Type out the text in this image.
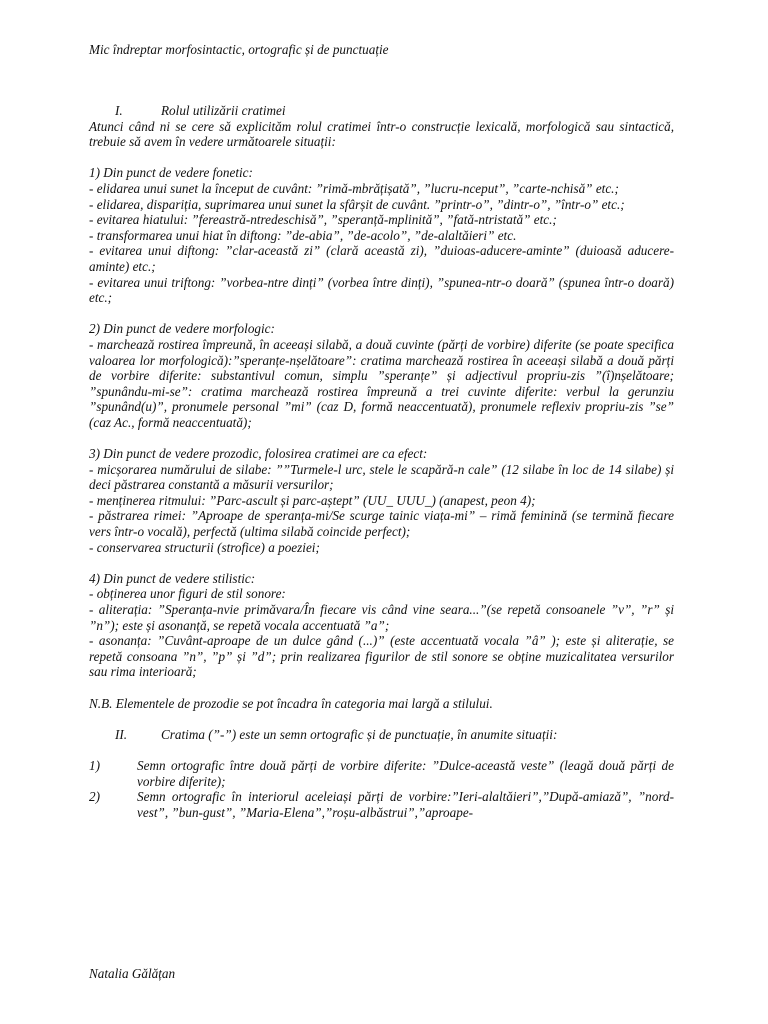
Mic îndreptar morfosintactic, ortografic și de punctuație
I.	Rolul utilizării cratimei
Atunci când ni se cere să explicităm rolul cratimei într-o construcție lexicală, morfologică sau sintactică, trebuie să avem în vedere următoarele situații:
1) Din punct de vedere fonetic:
- elidarea unui sunet la început de cuvânt: ”rimă-mbrățișată”, ”lucru-nceput”, ”carte-nchisă” etc.;
- elidarea, dispariția, suprimarea unui sunet la sfârșit de cuvânt. ”printr-o”, ”dintr-o”, ”într-o” etc.;
- evitarea hiatului: ”fereastră-ntredeschisă”, ”speranță-mplinită”, ”fată-ntristată” etc.;
- transformarea unui hiat în diftong: ”de-abia”, ”de-acolo”, ”de-alaltăieri” etc.
- evitarea unui diftong: ”clar-această zi” (clară această zi), ”duioas-aducere-aminte” (duioasă aducere-aminte) etc.;
- evitarea unui triftong: ”vorbea-ntre dinți” (vorbea între dinți), ”spunea-ntr-o doară” (spunea într-o doară) etc.;
2) Din punct de vedere morfologic:
- marchează rostirea împreună, în aceeași silabă, a două cuvinte (părți de vorbire) diferite (se poate specifica valoarea lor morfologică):”speranțe-nșelătoare”: cratima marchează rostirea în aceeași silabă a două părți de vorbire diferite: substantivul comun, simplu ”speranțe” și adjectivul propriu-zis ”(î)nșelătoare; ”spunându-mi-se”: cratima marchează rostirea împreună a trei cuvinte diferite: verbul la gerunziu ”spunând(u)”, pronumele personal ”mi” (caz D, formă neaccentuată), pronumele reflexiv propriu-zis ”se” (caz Ac., formă neaccentuată);
3) Din punct de vedere prozodic, folosirea cratimei are ca efect:
- micșorarea numărului de silabe: ””Turmele-l urc, stele le scapără-n cale” (12 silabe în loc de 14 silabe) și deci păstrarea constantă a măsurii versurilor;
- menținerea ritmului: ”Parc-ascult și parc-aștept” (UU_ UUU_) (anapest, peon 4);
- păstrarea rimei: ”Aproape de speranța-mi/Se scurge tainic viața-mi” – rimă feminină (se termină fiecare vers într-o vocală), perfectă (ultima silabă coincide perfect);
- conservarea structurii (strofice) a poeziei;
4) Din punct de vedere stilistic:
- obținerea unor figuri de stil sonore:
- aliterația: ”Speranța-nvie primăvara/În fiecare vis când vine seara...”(se repetă consoanele ”v”, ”r” și ”n”); este și asonanță, se repetă vocala accentuată ”a”;
- asonanța: ”Cuvânt-aproape de un dulce gând (...)” (este accentuată vocala ”â” ); este și aliterație, se repetă consoana ”n”, ”p” și ”d”; prin realizarea figurilor de stil sonore se obține muzicalitatea versurilor sau rima interioară;
N.B. Elementele de prozodie se pot încadra în categoria mai largă a stilului.
II.	Cratima (”-”) este un semn ortografic și de punctuație, în anumite situații:
1)	Semn ortografic între două părți de vorbire diferite: ”Dulce-această veste” (leagă două părți de vorbire diferite);
2)	Semn ortografic în interiorul aceleiași părți de vorbire:”Ieri-alaltăieri”,”După-amiază”, ”nord-vest”, ”bun-gust”, ”Maria-Elena”,”roșu-albăstrui”,”aproape-
Natalia Gălățan
